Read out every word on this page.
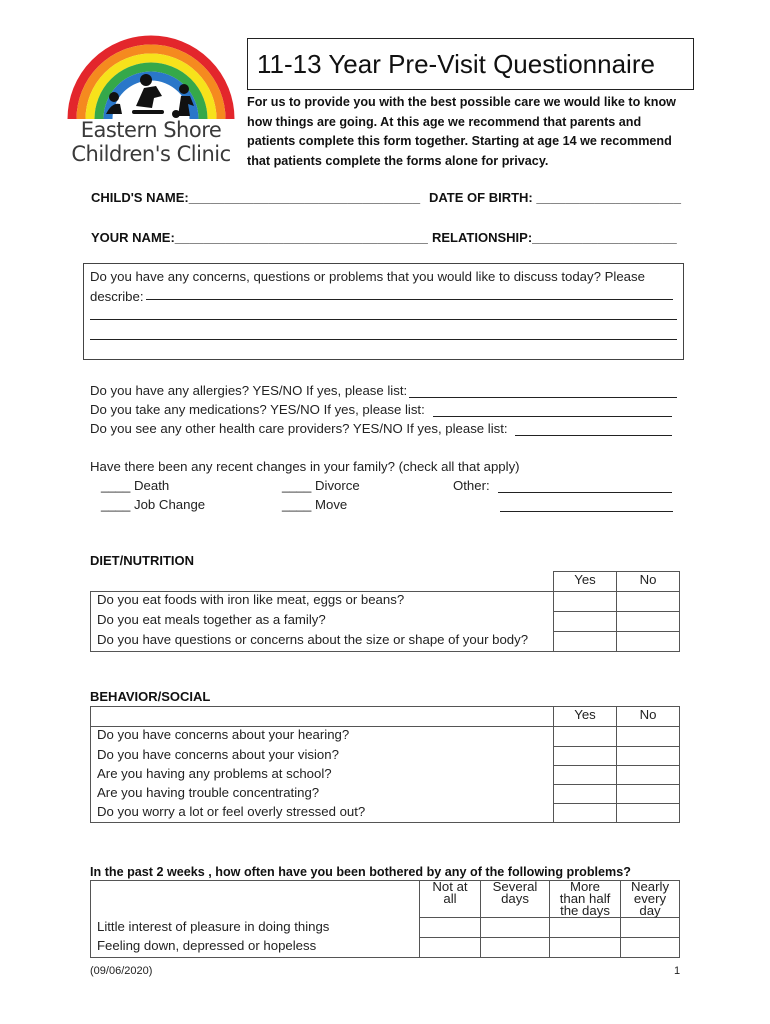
Eastern Shore
Children's Clinic
11-13 Year Pre-Visit Questionnaire
For us to provide you with the best possible care we would like to know how things are going. At this age we recommend that parents and patients complete this form together. Starting at age 14 we recommend that patients complete the forms alone for privacy.
CHILD'S NAME:________________________________ DATE OF BIRTH: ____________________
YOUR NAME:___________________________________ RELATIONSHIP:____________________
Do you have any concerns, questions or problems that you would like to discuss today? Please describe:
Do you have any allergies? YES/NO If yes, please list:
Do you take any medications? YES/NO If yes, please list:
Do you see any other health care providers? YES/NO If yes, please list:
Have there been any recent changes in your family? (check all that apply)
____ Death
____ Job Change
____ Divorce
____ Move
Other:
DIET/NUTRITION
	Yes	No
Do you eat foods with iron like meat, eggs or beans?		
Do you eat meals together as a family?		
Do you have questions or concerns about the size or shape of your body?		
BEHAVIOR/SOCIAL
	Yes	No
Do you have concerns about your hearing?		
Do you have concerns about your vision?		
Are you having any problems at school?		
Are you having trouble concentrating?		
Do you worry a lot or feel overly stressed out?		
In the past 2 weeks , how often have you been bothered by any of the following problems?
	Not at all	Several days	More than half the days	Nearly every day
Little interest of pleasure in doing things				
Feeling down, depressed or hopeless				
(09/06/2020)	1
